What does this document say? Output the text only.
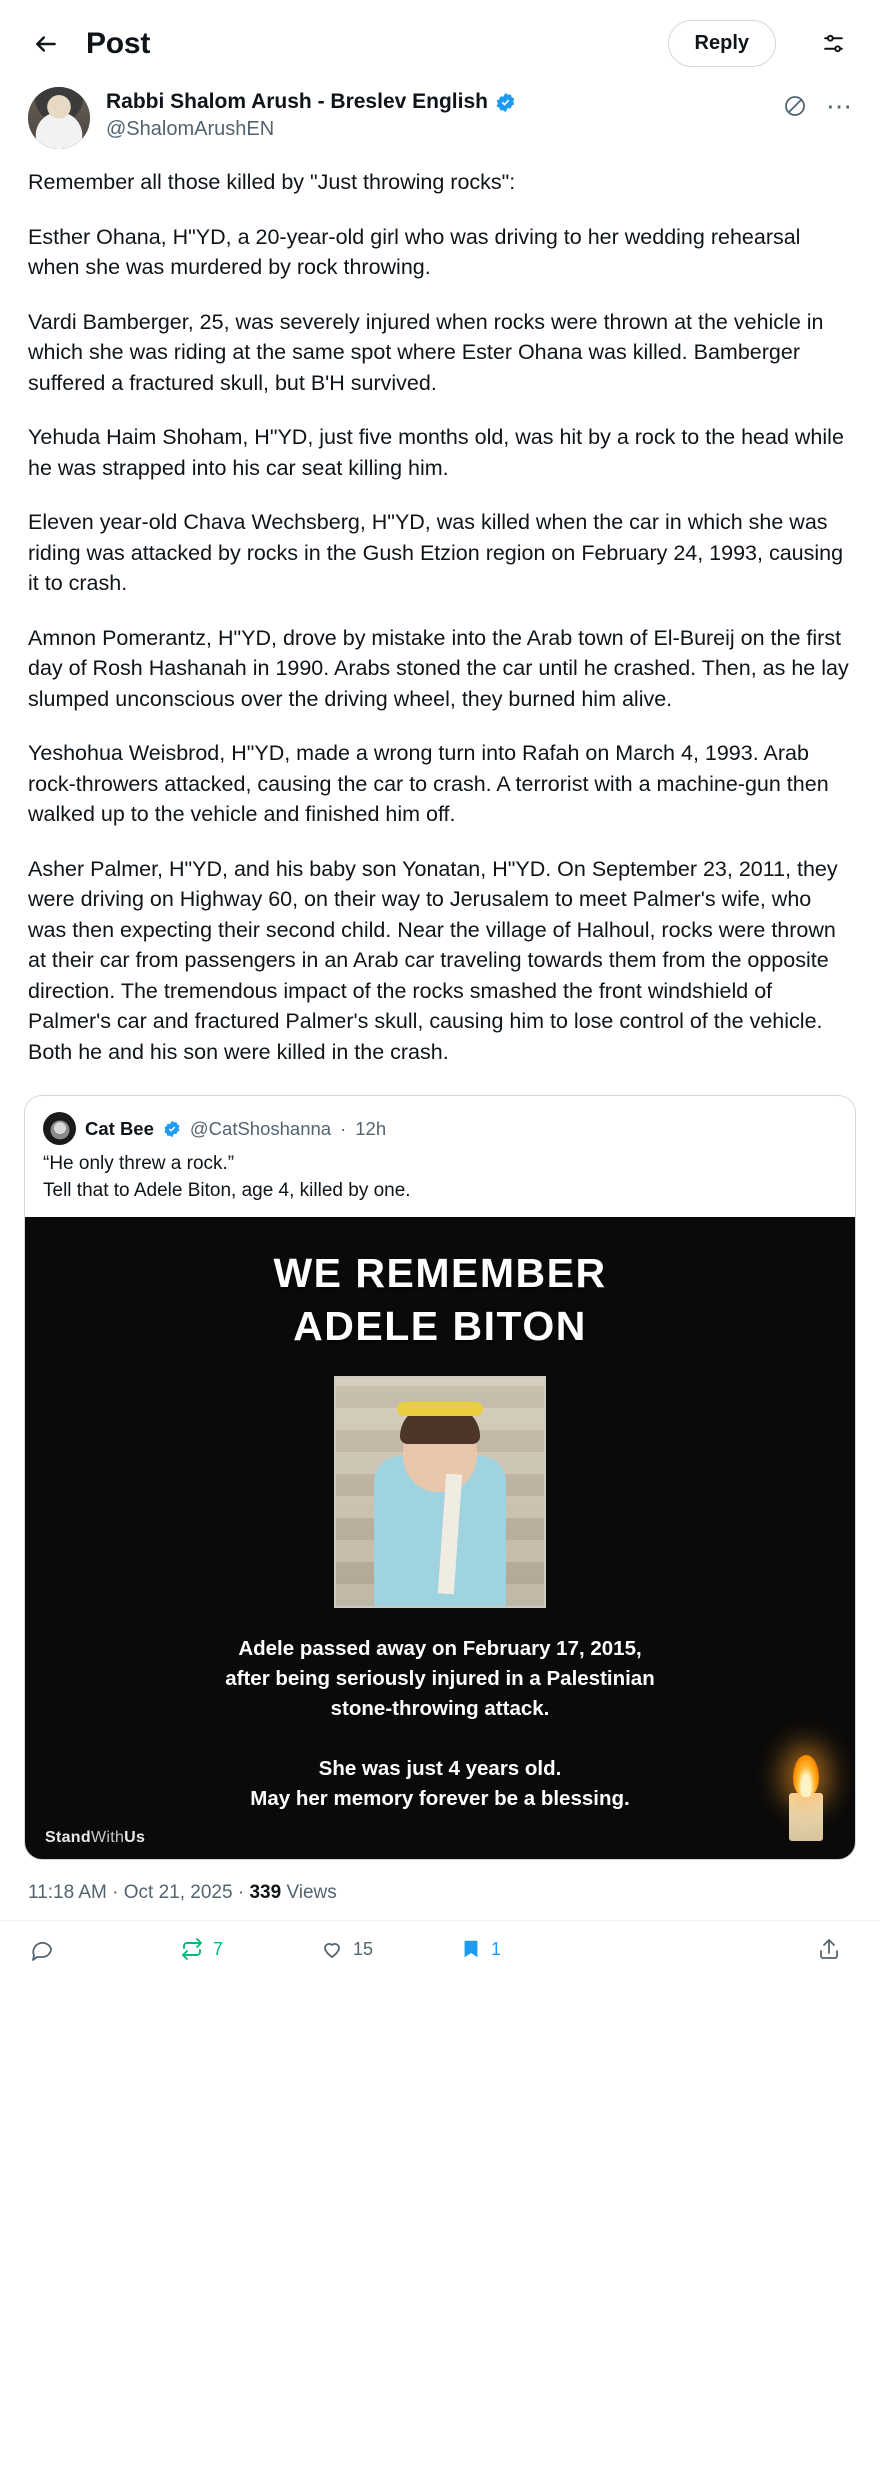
Post	Reply
Rabbi Shalom Arush - Breslev English
@ShalomArushEN
⋯

Remember all those killed by "Just throwing rocks":

Esther Ohana, H"YD, a 20-year-old girl who was driving to her wedding rehearsal when she was murdered by rock throwing.

Vardi Bamberger, 25, was severely injured when rocks were thrown at the vehicle in which she was riding at the same spot where Ester Ohana was killed. Bamberger suffered a fractured skull, but B'H survived.

Yehuda Haim Shoham, H"YD, just five months old, was hit by a rock to the head while he was strapped into his car seat killing him.

Eleven year-old Chava Wechsberg, H"YD, was killed when the car in which she was riding was attacked by rocks in the Gush Etzion region on February 24, 1993, causing it to crash.

Amnon Pomerantz, H"YD, drove by mistake into the Arab town of El-Bureij on the first day of Rosh Hashanah in 1990. Arabs stoned the car until he crashed. Then, as he lay slumped unconscious over the driving wheel, they burned him alive.

Yeshohua Weisbrod, H"YD, made a wrong turn into Rafah on March 4, 1993. Arab rock-throwers attacked, causing the car to crash. A terrorist with a machine-gun then walked up to the vehicle and finished him off.

Asher Palmer, H"YD, and his baby son Yonatan, H"YD. On September 23, 2011, they were driving on Highway 60, on their way to Jerusalem to meet Palmer's wife, who was then expecting their second child. Near the village of Halhoul, rocks were thrown at their car from passengers in an Arab car traveling towards them from the opposite direction. The tremendous impact of the rocks smashed the front windshield of Palmer's car and fractured Palmer's skull, causing him to lose control of the vehicle. Both he and his son were killed in the crash.

Cat Bee @CatShoshanna · 12h
“He only threw a rock.”
Tell that to Adele Biton, age 4, killed by one.
WE REMEMBER
ADELE BITON
Adele passed away on February 17, 2015,
after being seriously injured in a Palestinian
stone-throwing attack.
She was just 4 years old.
May her memory forever be a blessing.
StandWithUs
11:18 AM · Oct 21, 2025 · 339 Views
7	15	1
